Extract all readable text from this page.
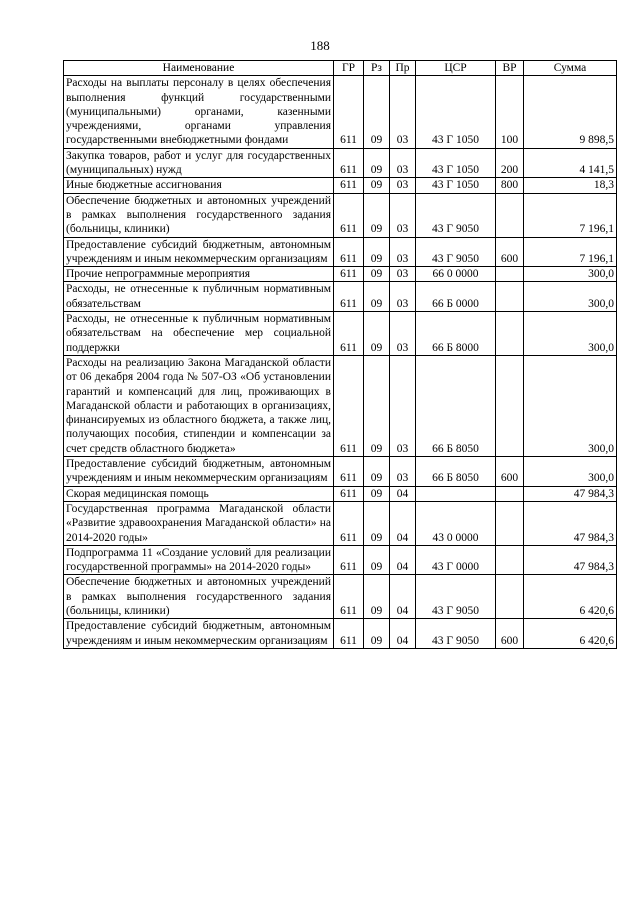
188
Наименование	ГР	Рз	Пр	ЦСР	ВР	Сумма
Расходы на выплаты персоналу в целях обеспечения выполнения функций государственными (муниципальными) органами, казенными учреждениями, органами управления государственными внебюджетными фондами	611	09	03	43 Г 1050	100	9 898,5
Закупка товаров, работ и услуг для государственных (муниципальных) нужд	611	09	03	43 Г 1050	200	4 141,5
Иные бюджетные ассигнования	611	09	03	43 Г 1050	800	18,3
Обеспечение бюджетных и автономных учреждений в рамках выполнения государственного задания (больницы, клиники)	611	09	03	43 Г 9050		7 196,1
Предоставление субсидий бюджетным, автономным учреждениям и иным некоммерческим организациям	611	09	03	43 Г 9050	600	7 196,1
Прочие непрограммные мероприятия	611	09	03	66 0 0000		300,0
Расходы, не отнесенные к публичным нормативным обязательствам	611	09	03	66 Б 0000		300,0
Расходы, не отнесенные к публичным нормативным обязательствам на обеспечение мер социальной поддержки	611	09	03	66 Б 8000		300,0
Расходы на реализацию Закона Магаданской области от 06 декабря 2004 года № 507-ОЗ «Об установлении гарантий и компенсаций для лиц, проживающих в Магаданской области и работающих в организациях, финансируемых из областного бюджета, а также лиц, получающих пособия, стипендии и компенсации за счет средств областного бюджета»	611	09	03	66 Б 8050		300,0
Предоставление субсидий бюджетным, автономным учреждениям и иным некоммерческим организациям	611	09	03	66 Б 8050	600	300,0
Скорая медицинская помощь	611	09	04			47 984,3
Государственная программа Магаданской области «Развитие здравоохранения Магаданской области» на 2014-2020 годы»	611	09	04	43 0 0000		47 984,3
Подпрограмма 11 «Создание условий для реализации государственной программы» на 2014-2020 годы»	611	09	04	43 Г 0000		47 984,3
Обеспечение бюджетных и автономных учреждений в рамках выполнения государственного задания (больницы, клиники)	611	09	04	43 Г 9050		6 420,6
Предоставление субсидий бюджетным, автономным учреждениям и иным некоммерческим организациям	611	09	04	43 Г 9050	600	6 420,6
